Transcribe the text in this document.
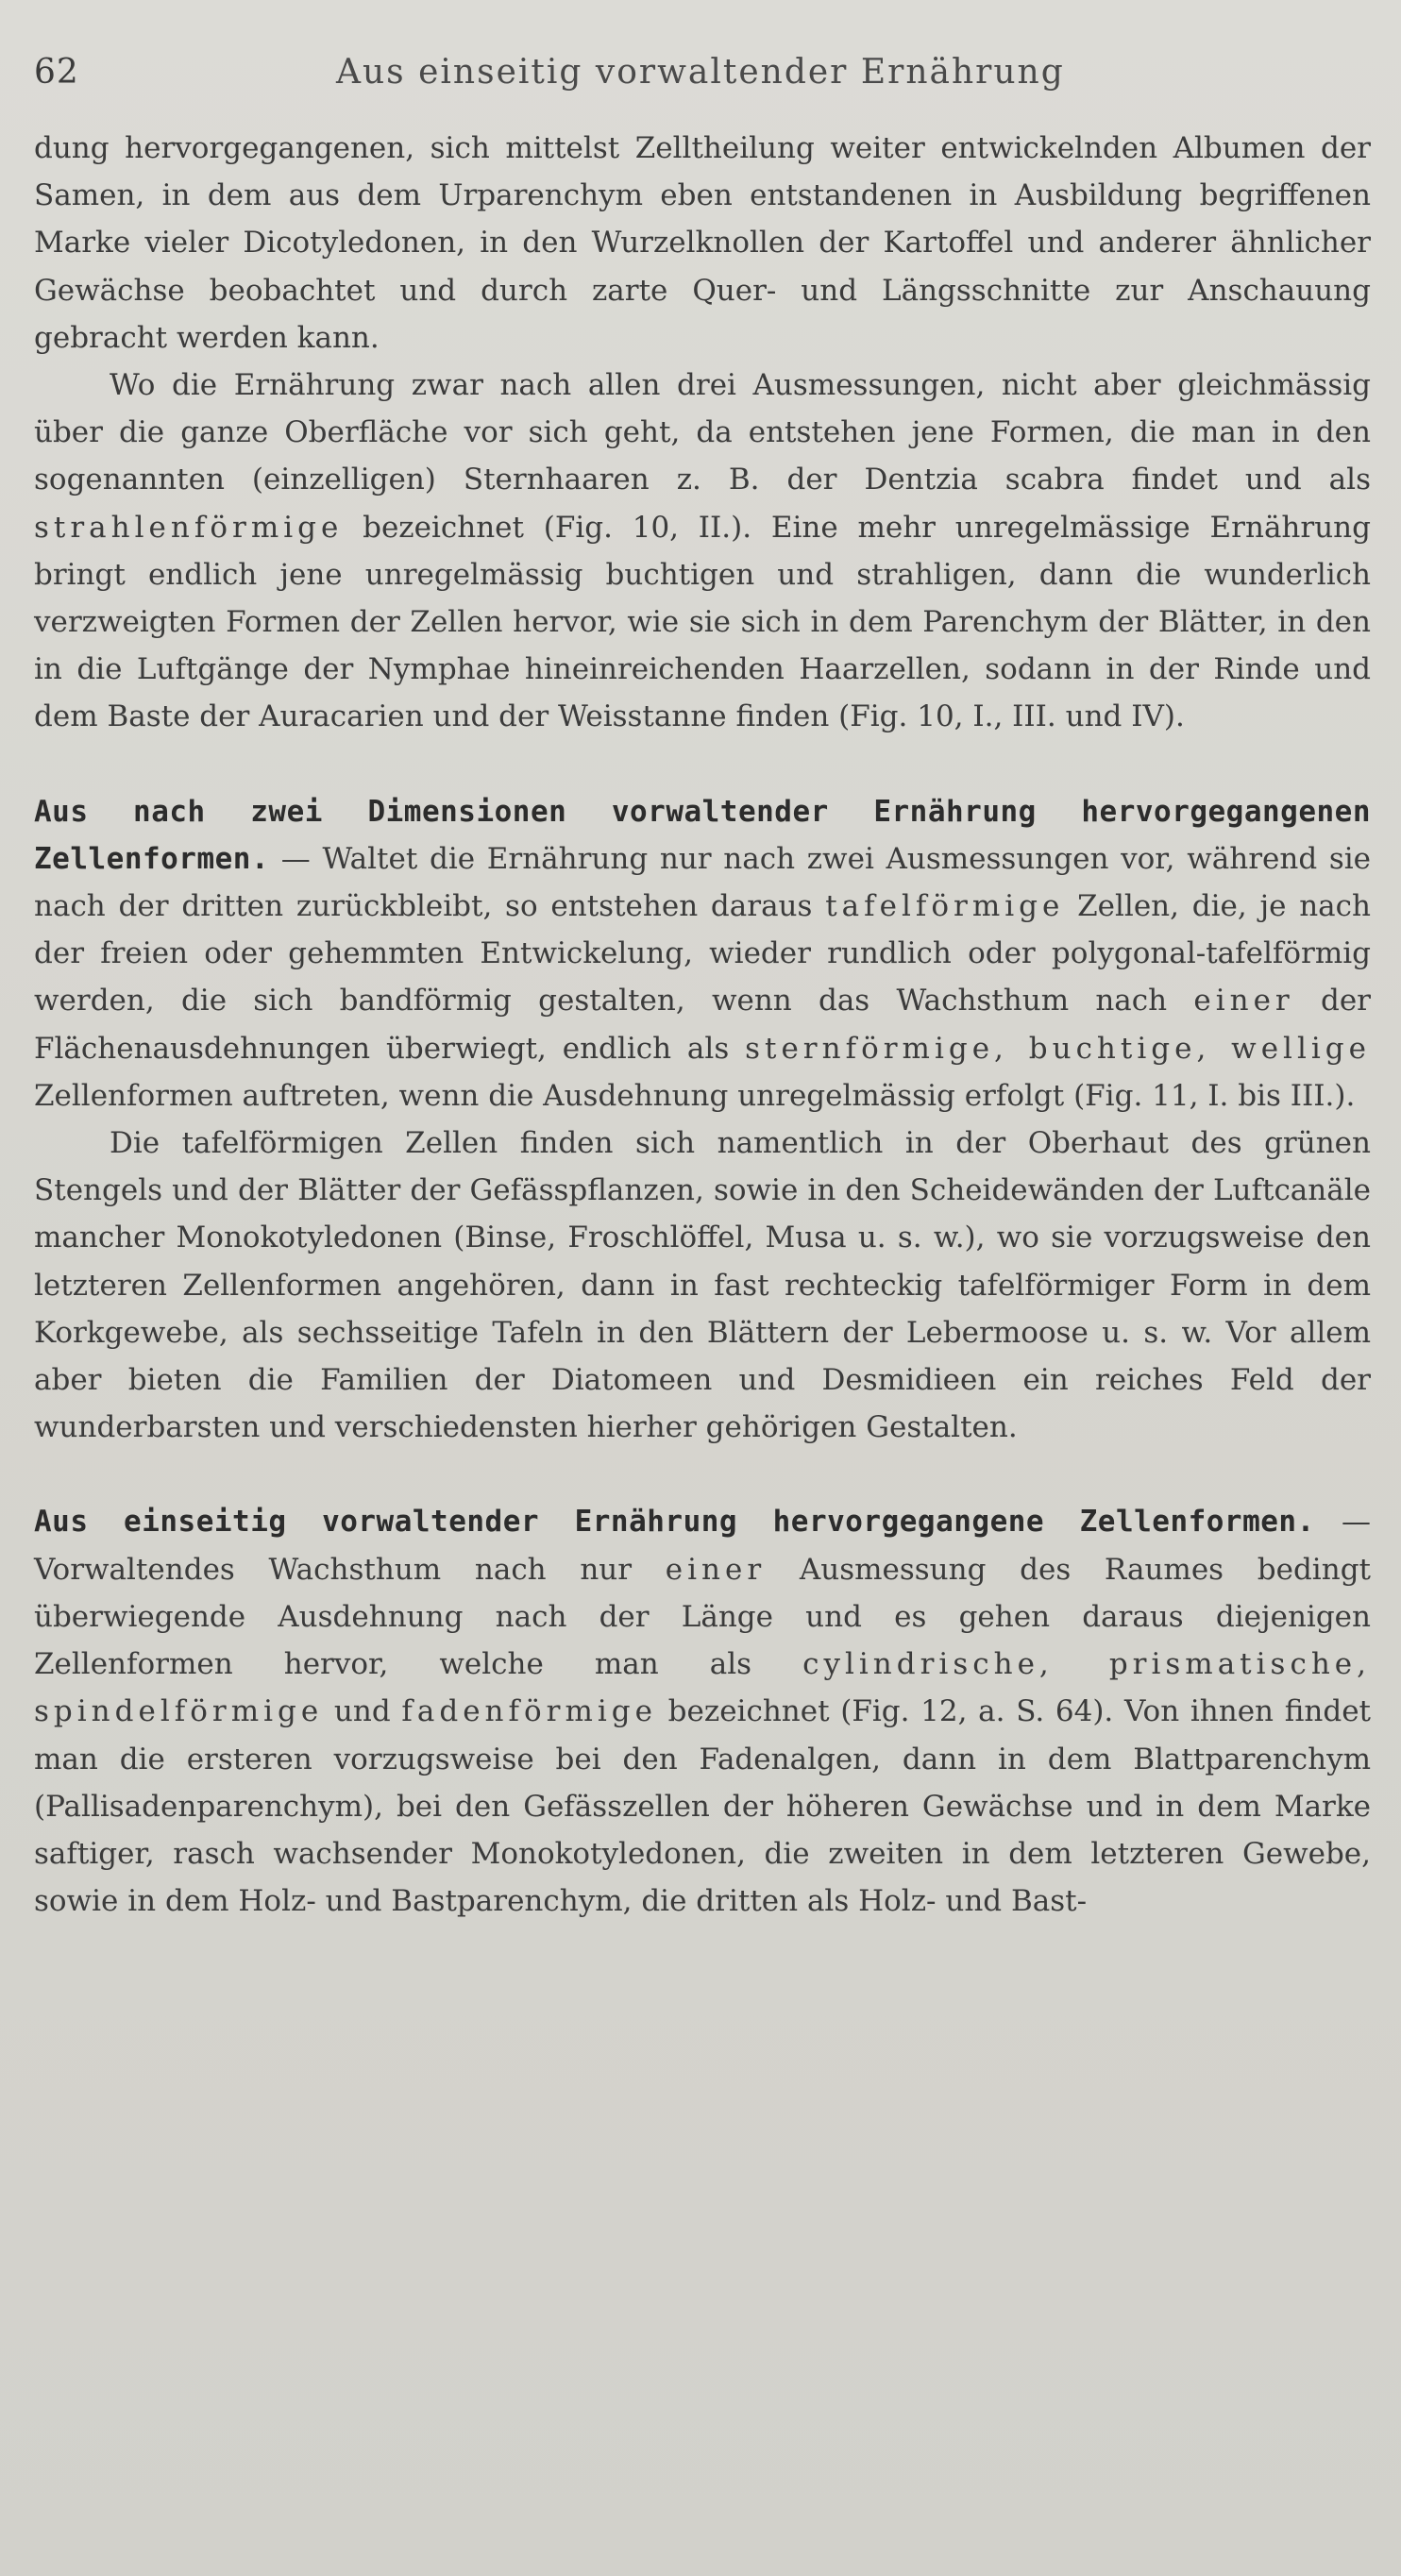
62	Aus einseitig vorwaltender Ernährung

dung hervorgegangenen, sich mittelst Zelltheilung weiter entwickelnden Albumen der Samen, in dem aus dem Urparenchym eben entstandenen in Ausbildung begriffenen Marke vieler Dicotyledonen, in den Wurzelknollen der Kartoffel und anderer ähnlicher Gewächse beobachtet und durch zarte Quer- und Längsschnitte zur Anschauung gebracht werden kann.

Wo die Ernährung zwar nach allen drei Ausmessungen, nicht aber gleichmässig über die ganze Oberfläche vor sich geht, da entstehen jene Formen, die man in den sogenannten (einzelligen) Sternhaaren z. B. der Dentzia scabra findet und als strahlenförmige bezeichnet (Fig. 10, II.). Eine mehr unregelmässige Ernährung bringt endlich jene unregelmässig buchtigen und strahligen, dann die wunderlich verzweigten Formen der Zellen hervor, wie sie sich in dem Parenchym der Blätter, in den in die Luftgänge der Nymphae hineinreichenden Haarzellen, sodann in der Rinde und dem Baste der Auracarien und der Weisstanne finden (Fig. 10, I., III. und IV).

Aus nach zwei Dimensionen vorwaltender Ernährung hervorgegangenen Zellenformen. — Waltet die Ernährung nur nach zwei Ausmessungen vor, während sie nach der dritten zurückbleibt, so entstehen daraus tafelförmige Zellen, die, je nach der freien oder gehemmten Entwickelung, wieder rundlich oder polygonal-tafelförmig werden, die sich bandförmig gestalten, wenn das Wachsthum nach einer der Flächenausdehnungen überwiegt, endlich als sternförmige, buchtige, wellige Zellenformen auftreten, wenn die Ausdehnung unregelmässig erfolgt (Fig. 11, I. bis III.).

Die tafelförmigen Zellen finden sich namentlich in der Oberhaut des grünen Stengels und der Blätter der Gefässpflanzen, sowie in den Scheidewänden der Luftcanäle mancher Monokotyledonen (Binse, Froschlöffel, Musa u. s. w.), wo sie vorzugsweise den letzteren Zellenformen angehören, dann in fast rechteckig tafelförmiger Form in dem Korkgewebe, als sechsseitige Tafeln in den Blättern der Lebermoose u. s. w. Vor allem aber bieten die Familien der Diatomeen und Desmidieen ein reiches Feld der wunderbarsten und verschiedensten hierher gehörigen Gestalten.

Aus einseitig vorwaltender Ernährung hervorgegangene Zellenformen. — Vorwaltendes Wachsthum nach nur einer Ausmessung des Raumes bedingt überwiegende Ausdehnung nach der Länge und es gehen daraus diejenigen Zellenformen hervor, welche man als cylindrische, prismatische, spindelförmige und fadenförmige bezeichnet (Fig. 12, a. S. 64). Von ihnen findet man die ersteren vorzugsweise bei den Fadenalgen, dann in dem Blattparenchym (Pallisadenparenchym), bei den Gefässzellen der höheren Gewächse und in dem Marke saftiger, rasch wachsender Monokotyledonen, die zweiten in dem letzteren Gewebe, sowie in dem Holz- und Bastparenchym, die dritten als Holz- und Bast-
